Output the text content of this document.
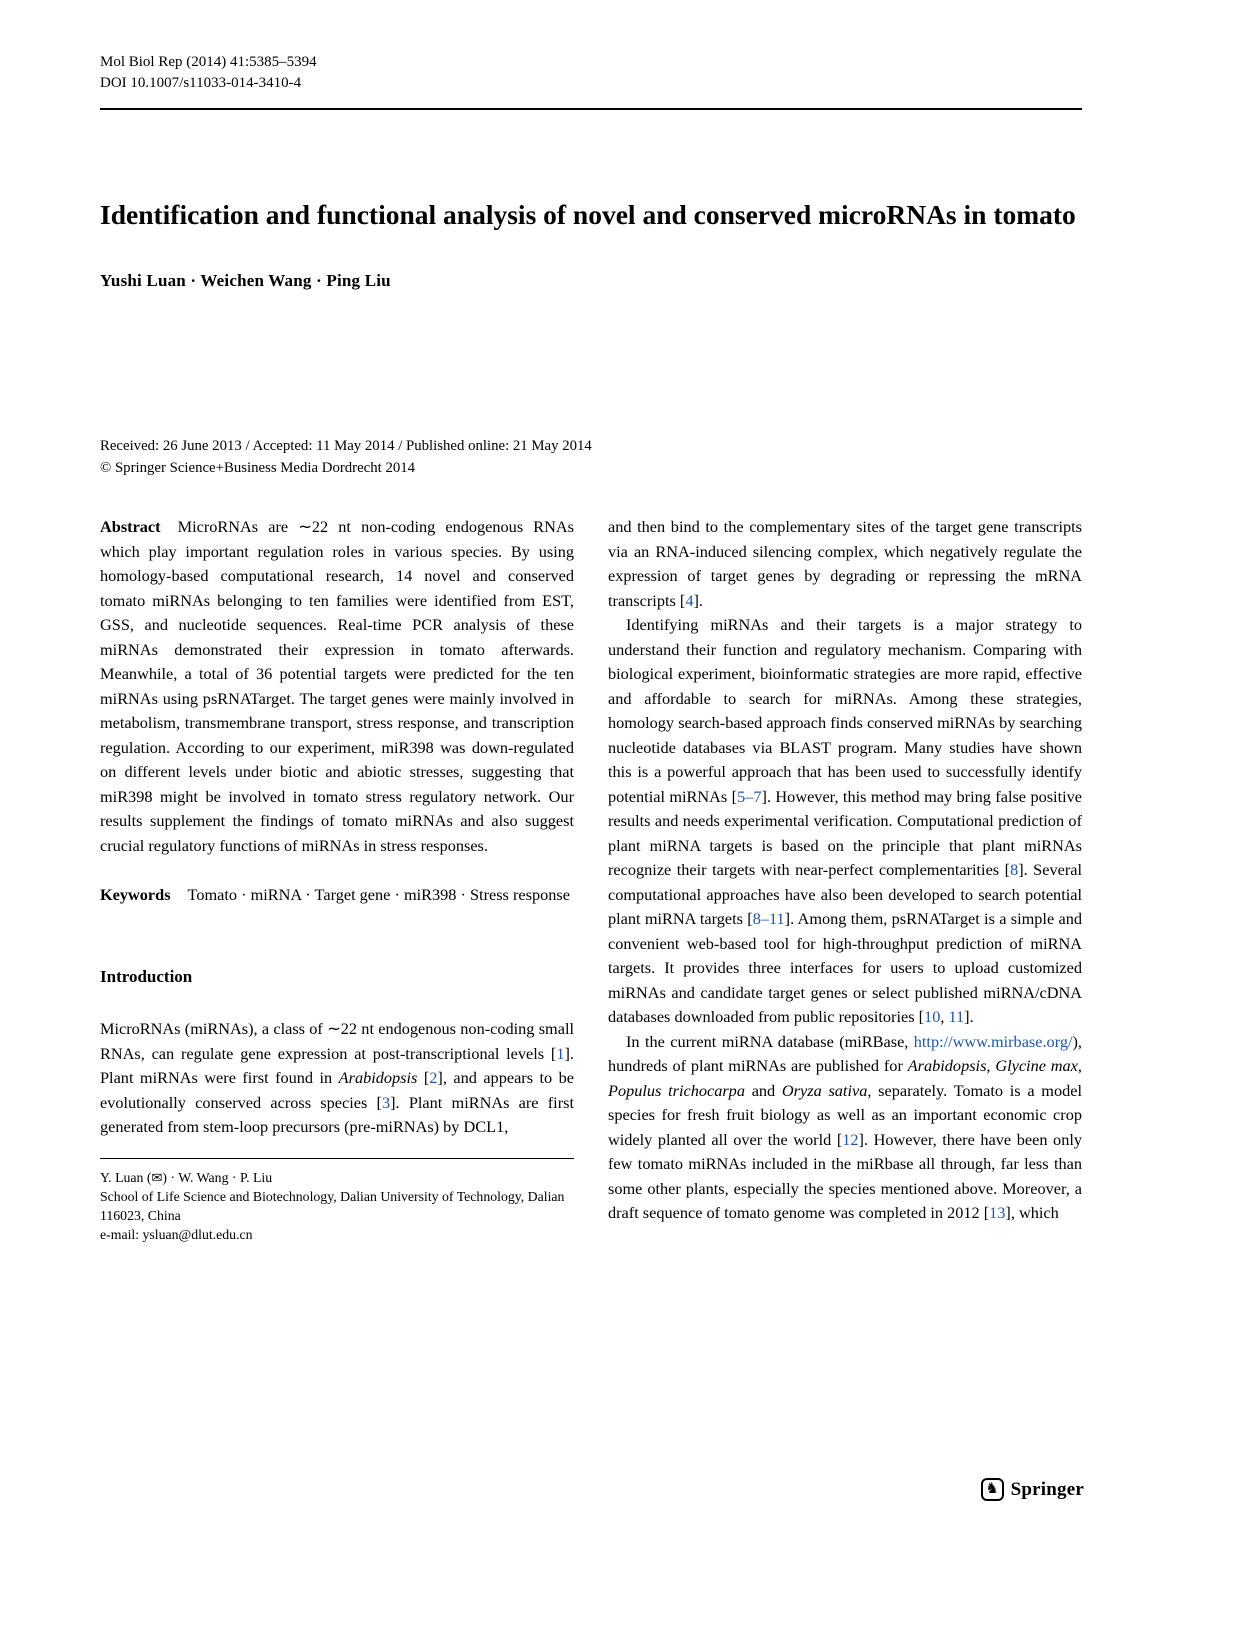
Mol Biol Rep (2014) 41:5385–5394
DOI 10.1007/s11033-014-3410-4
Identification and functional analysis of novel and conserved microRNAs in tomato
Yushi Luan · Weichen Wang · Ping Liu
Received: 26 June 2013 / Accepted: 11 May 2014 / Published online: 21 May 2014
© Springer Science+Business Media Dordrecht 2014

Abstract MicroRNAs are ∼22 nt non-coding endogenous RNAs which play important regulation roles in various species. By using homology-based computational research, 14 novel and conserved tomato miRNAs belonging to ten families were identified from EST, GSS, and nucleotide sequences. Real-time PCR analysis of these miRNAs demonstrated their expression in tomato afterwards. Meanwhile, a total of 36 potential targets were predicted for the ten miRNAs using psRNATarget. The target genes were mainly involved in metabolism, transmembrane transport, stress response, and transcription regulation. According to our experiment, miR398 was down-regulated on different levels under biotic and abiotic stresses, suggesting that miR398 might be involved in tomato stress regulatory network. Our results supplement the findings of tomato miRNAs and also suggest crucial regulatory functions of miRNAs in stress responses.

Keywords Tomato · miRNA · Target gene · miR398 · Stress response

Introduction

MicroRNAs (miRNAs), a class of ∼22 nt endogenous non-coding small RNAs, can regulate gene expression at post-transcriptional levels [1]. Plant miRNAs were first found in Arabidopsis [2], and appears to be evolutionally conserved across species [3]. Plant miRNAs are first generated from stem-loop precursors (pre-miRNAs) by DCL1,

Y. Luan (✉) · W. Wang · P. Liu
School of Life Science and Biotechnology, Dalian University of Technology, Dalian 116023, China
e-mail: ysluan@dlut.edu.cn

and then bind to the complementary sites of the target gene transcripts via an RNA-induced silencing complex, which negatively regulate the expression of target genes by degrading or repressing the mRNA transcripts [4].

Identifying miRNAs and their targets is a major strategy to understand their function and regulatory mechanism. Comparing with biological experiment, bioinformatic strategies are more rapid, effective and affordable to search for miRNAs. Among these strategies, homology search-based approach finds conserved miRNAs by searching nucleotide databases via BLAST program. Many studies have shown this is a powerful approach that has been used to successfully identify potential miRNAs [5–7]. However, this method may bring false positive results and needs experimental verification. Computational prediction of plant miRNA targets is based on the principle that plant miRNAs recognize their targets with near-perfect complementarities [8]. Several computational approaches have also been developed to search potential plant miRNA targets [8–11]. Among them, psRNATarget is a simple and convenient web-based tool for high-throughput prediction of miRNA targets. It provides three interfaces for users to upload customized miRNAs and candidate target genes or select published miRNA/cDNA databases downloaded from public repositories [10, 11].

In the current miRNA database (miRBase, http://www.mirbase.org/), hundreds of plant miRNAs are published for Arabidopsis, Glycine max, Populus trichocarpa and Oryza sativa, separately. Tomato is a model species for fresh fruit biology as well as an important economic crop widely planted all over the world [12]. However, there have been only few tomato miRNAs included in the miRbase all through, far less than some other plants, especially the species mentioned above. Moreover, a draft sequence of tomato genome was completed in 2012 [13], which

♞ Springer
